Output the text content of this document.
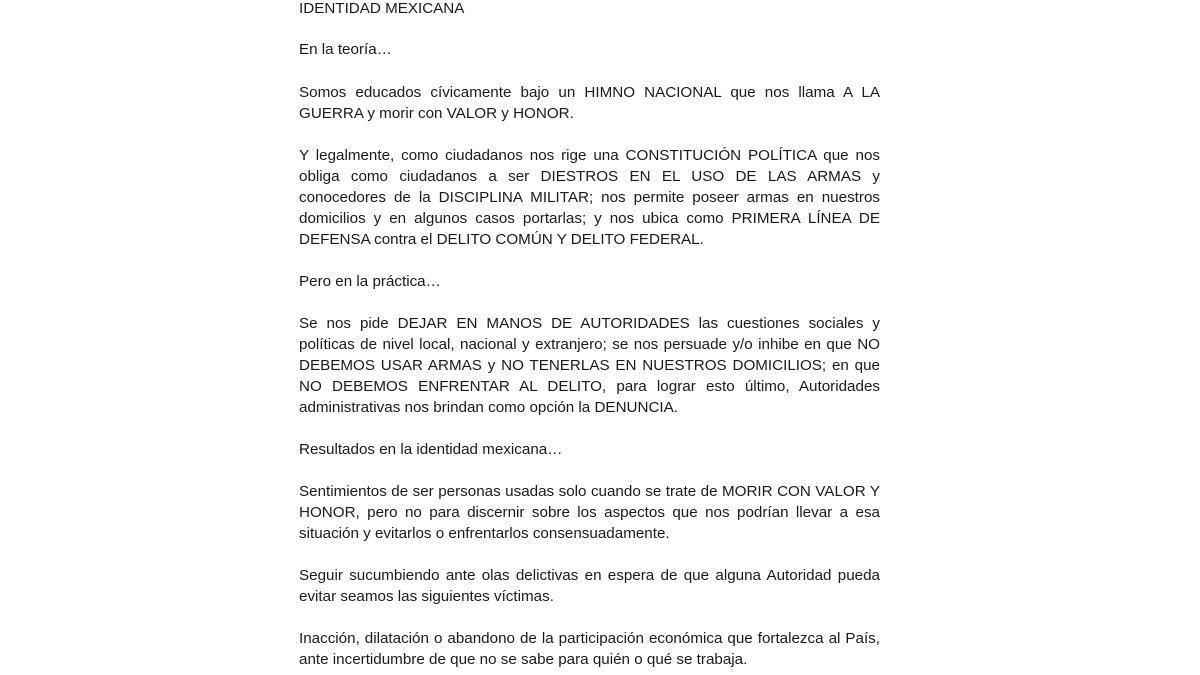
IDENTIDAD MEXICANA

En la teoría…

Somos educados cívicamente bajo un HIMNO NACIONAL que nos llama A LA GUERRA y morir con VALOR y HONOR.

Y legalmente, como ciudadanos nos rige una CONSTITUCIÓN POLÍTICA que nos obliga como ciudadanos a ser DIESTROS EN EL USO DE LAS ARMAS y conocedores de la DISCIPLINA MILITAR; nos permite poseer armas en nuestros domicilios y en algunos casos portarlas; y nos ubica como PRIMERA LÍNEA DE DEFENSA contra el DELITO COMÚN Y DELITO FEDERAL.

Pero en la práctica…

Se nos pide DEJAR EN MANOS DE AUTORIDADES las cuestiones sociales y políticas de nivel local, nacional y extranjero; se nos persuade y/o inhibe en que NO DEBEMOS USAR ARMAS y NO TENERLAS EN NUESTROS DOMICILIOS; en que NO DEBEMOS ENFRENTAR AL DELITO, para lograr esto último, Autoridades administrativas nos brindan como opción la DENUNCIA.

Resultados en la identidad mexicana…

Sentimientos de ser personas usadas solo cuando se trate de MORIR CON VALOR Y HONOR, pero no para discernir sobre los aspectos que nos podrían llevar a esa situación y evitarlos o enfrentarlos consensuadamente.

Seguir sucumbiendo ante olas delictivas en espera de que alguna Autoridad pueda evitar seamos las siguientes víctimas.

Inacción, dilatación o abandono de la participación económica que fortalezca al País, ante incertidumbre de que no se sabe para quién o qué se trabaja.
